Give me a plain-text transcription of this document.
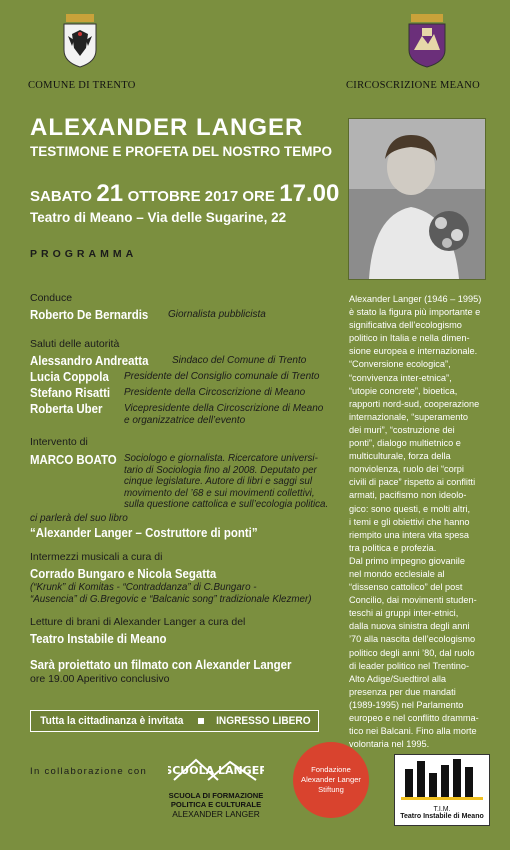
COMUNE DI TRENTO	CIRCOSCRIZIONE MEANO
ALEXANDER LANGER
TESTIMONE E PROFETA DEL NOSTRO TEMPO
SABATO 21 OTTOBRE 2017 ORE 17.00
Teatro di Meano – Via delle Sugarine, 22
PROGRAMMA
Alexander Langer (1946 – 1995)
è stato la figura più importante e
significativa dell’ecologismo
politico in Italia e nella dimen-
sione europea e internazionale.
“Conversione ecologica”,
“convivenza inter-etnica”,
“utopie concrete”, bioetica,
rapporti nord-sud, cooperazione
internazionale, “superamento
dei muri”, “costruzione dei
ponti”, dialogo multietnico e
multiculturale, forza della
nonviolenza, ruolo dei “corpi
civili di pace” rispetto ai conflitti
armati, pacifismo non ideolo-
gico: sono questi, e molti altri,
i temi e gli obiettivi che hanno
riempito una intera vita spesa
tra politica e profezia.
Dal primo impegno giovanile
nel mondo ecclesiale al
“dissenso cattolico” del post
Concilio, dai movimenti studen-
teschi ai gruppi inter-etnici,
dalla nuova sinistra degli anni
’70 alla nascita dell’ecologismo
politico degli anni ’80, dal ruolo
di leader politico nel Trentino-
Alto Adige/Suedtirol alla
presenza per due mandati
(1989-1995) nel Parlamento
europeo e nel conflitto dramma-
tico nei Balcani. Fino alla morte
volontaria nel 1995.
Conduce
Roberto De Bernardis	Giornalista pubblicista
Saluti delle autorità
Alessandro Andreatta	Sindaco del Comune di Trento
Lucia Coppola	Presidente del Consiglio comunale di Trento
Stefano Risatti	Presidente della Circoscrizione di Meano
Roberta Uber	Vicepresidente della Circoscrizione di Meano
e organizzatrice dell’evento
Intervento di
MARCO BOATO Sociologo e giornalista. Ricercatore universi-
tario di Sociologia fino al 2008. Deputato per
cinque legislature. Autore di libri e saggi sul
movimento del ’68 e sui movimenti collettivi,
sulla questione cattolica e sull’ecologia politica.
ci parlerà del suo libro
“Alexander Langer – Costruttore di ponti”
Intermezzi musicali a cura di
Corrado Bungaro e Nicola Segatta
(“Krunk” di Komitas - “Contraddanza” di C.Bungaro -
“Ausencia” di G.Bregovic e “Balcanic song” tradizionale Klezmer)
Letture di brani di Alexander Langer a cura del
Teatro Instabile di Meano
Sarà proiettato un filmato con Alexander Langer
ore 19.00 Aperitivo conclusivo
Tutta la cittadinanza è invitata	INGRESSO LIBERO
In collaborazione con SCUOLA LANGER
SCUOLA DI FORMAZIONE
POLITICA E CULTURALE
ALEXANDER LANGER
Fondazione
Alexander Langer
Stiftung
T.I.M.
Teatro Instabile di Meano
